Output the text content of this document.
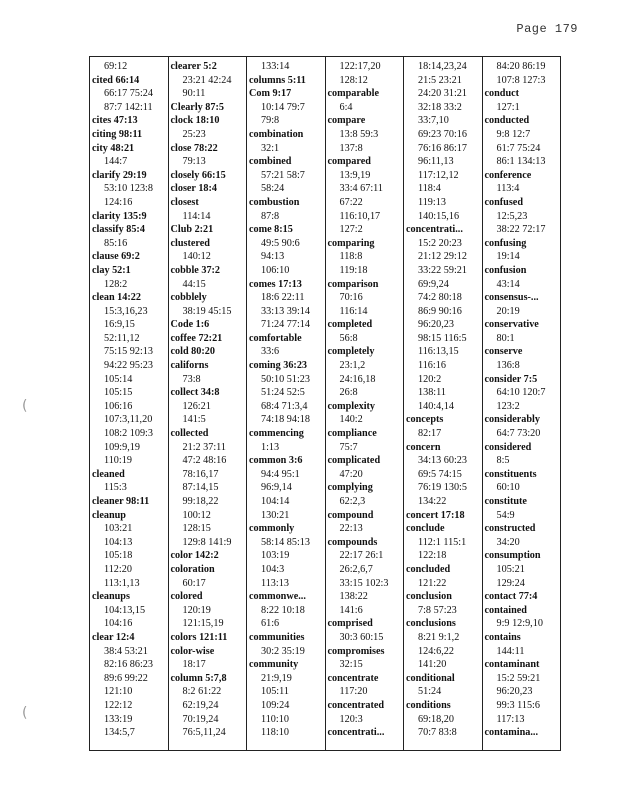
Page 179
(
(
69:12
cited 66:14
66:17 75:24
87:7 142:11
cites 47:13
citing 98:11
city 48:21
144:7
clarify 29:19
53:10 123:8
124:16
clarity 135:9
classify 85:4
85:16
clause 69:2
clay 52:1
128:2
clean 14:22
15:3,16,23
16:9,15
52:11,12
75:15 92:13
94:22 95:23
105:14
105:15
106:16
107:3,11,20
108:2 109:3
109:9,19
110:19
cleaned
115:3
cleaner 98:11
cleanup
103:21
104:13
105:18
112:20
113:1,13
cleanups
104:13,15
104:16
clear 12:4
38:4 53:21
82:16 86:23
89:6 99:22
121:10
122:12
133:19
134:5,7
clearer 5:2
23:21 42:24
90:11
Clearly 87:5
clock 18:10
25:23
close 78:22
79:13
closely 66:15
closer 18:4
closest
114:14
Club 2:21
clustered
140:12
cobble 37:2
44:15
cobblely
38:19 45:15
Code 1:6
coffee 72:21
cold 80:20
californs
73:8
collect 34:8
126:21
141:5
collected
21:2 37:11
47:2 48:16
78:16,17
87:14,15
99:18,22
100:12
128:15
129:8 141:9
color 142:2
coloration
60:17
colored
120:19
121:15,19
colors 121:11
color-wise
18:17
column 5:7,8
8:2 61:22
62:19,24
70:19,24
76:5,11,24
133:14
columns 5:11
Com 9:17
10:14 79:7
79:8
combination
32:1
combined
57:21 58:7
58:24
combustion
87:8
come 8:15
49:5 90:6
94:13
106:10
comes 17:13
18:6 22:11
33:13 39:14
71:24 77:14
comfortable
33:6
coming 36:23
50:10 51:23
51:24 52:5
68:4 71:3,4
74:18 94:18
commencing
1:13
common 3:6
94:4 95:1
96:9,14
104:14
130:21
commonly
58:14 85:13
103:19
104:3
113:13
commonwe...
8:22 10:18
61:6
communities
30:2 35:19
community
21:9,19
105:11
109:24
110:10
118:10
122:17,20
128:12
comparable
6:4
compare
13:8 59:3
137:8
compared
13:9,19
33:4 67:11
67:22
116:10,17
127:2
comparing
118:8
119:18
comparison
70:16
116:14
completed
56:8
completely
23:1,2
24:16,18
26:8
complexity
140:2
compliance
75:7
complicated
47:20
complying
62:2,3
compound
22:13
compounds
22:17 26:1
26:2,6,7
33:15 102:3
138:22
141:6
comprised
30:3 60:15
compromises
32:15
concentrate
117:20
concentrated
120:3
concentrati...
18:14,23,24
21:5 23:21
24:20 31:21
32:18 33:2
33:7,10
69:23 70:16
76:16 86:17
96:11,13
117:12,12
118:4
119:13
140:15,16
concentrati...
15:2 20:23
21:12 29:12
33:22 59:21
69:9,24
74:2 80:18
86:9 90:16
96:20,23
98:15 116:5
116:13,15
116:16
120:2
138:11
140:4,14
concepts
82:17
concern
34:13 60:23
69:5 74:15
76:19 130:5
134:22
concert 17:18
conclude
112:1 115:1
122:18
concluded
121:22
conclusion
7:8 57:23
conclusions
8:21 9:1,2
124:6,22
141:20
conditional
51:24
conditions
69:18,20
70:7 83:8
84:20 86:19
107:8 127:3
conduct
127:1
conducted
9:8 12:7
61:7 75:24
86:1 134:13
conference
113:4
confused
12:5,23
38:22 72:17
confusing
19:14
confusion
43:14
consensus-...
20:19
conservative
80:1
conserve
136:8
consider 7:5
64:10 120:7
123:2
considerably
64:7 73:20
considered
8:5
constituents
60:10
constitute
54:9
constructed
34:20
consumption
105:21
129:24
contact 77:4
contained
9:9 12:9,10
contains
144:11
contaminant
15:2 59:21
96:20,23
99:3 115:6
117:13
contamina...
